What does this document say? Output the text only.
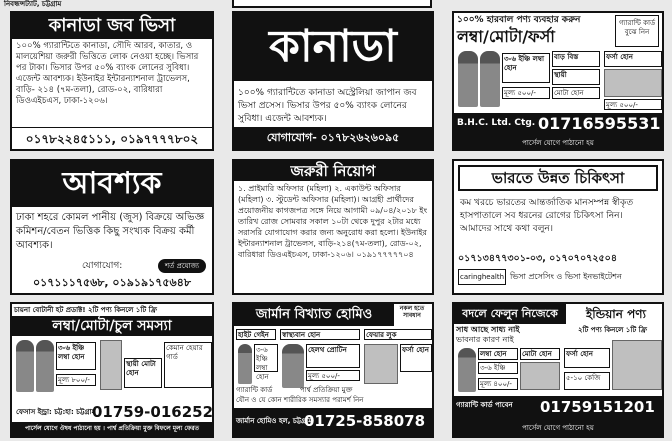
নিবন্ধন্সট্যাট, চট্টগ্রাম
কানাডা জব ভিসা
১০০% গ্যারান্টিতে কানাডা, সৌদি আরব, কাতার, ও মালয়েশিয়া জরুরী ভিত্তিতে লোক নেওয়া হচ্ছে। ভিসার পর টাকা। ভিসার উপর ৫০% ব্যাংক লোনের সুবিধা। এজেন্ট আবশ্যক। ইউনাইর ইন্টারন্যাশনাল ট্রাভেলস, বাড়ি- ২১৪ (৭ম-তলা), রোড-০২, বারিধারা ডিওএইচএস, ঢাকা-১২০৬।
০১৭৮২২৪৫১১১, ০১৯৭৭৭৭৮০২
কানাডা
১০০% গ্যারান্টিতে কানাডা অস্ট্রেলিয়া জাপান জব ভিসা প্রসেস। ভিসার উপর ৫০% ব্যাংক লোনের সুবিধা। এজেন্ট আবশ্যক।
যোগাযোগ- ০১৭৮২৬২৬০৯৫
১০০% হারবাল পণ্য ব্যবহার করুন
লম্বা/মোটা/ফর্সা
গ্যারান্টি কার্ড বুঝে নিন
৩-৬ ইঞ্চি লম্বা হোন
বাড় বিস্ত
স্থায়ী
ফর্সা হোন
মোটা হোন
মূল্য ৫০০/-
মূল্য ৫০০/-
B.H.C. Ltd. Ctg. 01716595531
পার্সেল যোগে পাঠানো হয়
আবশ্যক
ঢাকা শহরে কোমল পানীয় (জুস) বিক্রয়ে অভিজ্ঞ কমিশন/বেতন ভিত্তিক কিছু সংখ্যক বিক্রয় কর্মী আবশ্যক।
যোগাযোগ:	শর্ত প্রযোজ্য
০১৭১১১৭৫৬৮, ০১৯১৯১৭৫৬৪৮
জরুরী নিয়োগ
১. প্রাইমারি অফিসার (মহিলা) ২. একাউন্ট অফিসার (মহিলা) ৩. স্টুডেন্ট অফিসার (মহিলা)। আগ্রহী প্রার্থীদের প্রয়োজনীয় কাগজপত্র সঙ্গে নিয়ে আগামী ০৯/০৪/২০১৮ ইং তারিখ রোজ সোমবার সকাল ১০টা থেকে দুপুর ২টার মধ্যে সরাসরি যোগাযোগ করার জন্য অনুরোধ করা হলো। ইউনাইর ইন্টারন্যাশনাল ট্রাভেলস, বাড়ি-২১৪(৭ম-তলা), রোড-০২, বারিধারা ডিওএইচএস, ঢাকা-১২০৬। ০১৯১৭৭৭৭৭০৪
ভারতে উন্নত চিকিৎসা
কম খরচে ভারতের আন্তর্জাতিক মানসম্পন্ন স্বীকৃত হাসপাতালে সব ধরনের রোগের চিকিৎসা নিন। আমাদের সাথে কথা বলুন।
০১৭১৩৪৭৭৩০১-০৩, ০১৭০৭০৭২৫০৪
caringhealth ভিসা প্রসেসিং ও ভিসা ইনভাইটেশন
চায়না বোটানী হট প্রডাক্ট! ২টি পণ্য কিনলে ১টি ফ্রি
লম্বা/মোটা/চুল সমস্যা
৩-৬ ইঞ্চি লম্বা হোন
মূল্য ৮০০/-
স্থায়ী মোটা হোন
কেমান হেয়ার গার্ড
ফেসাস ইন্ড্রা: চট্ট:হা: চট্টগ্রাম
01759-016252
পার্সেল যোগে ঔষধ পাঠানো হয় । পার্শ্ব প্রতিক্রিয়া মুক্ত বিফলে মূল্য ফেরত
জার্মান বিখ্যাত হোমিও	নকল হতে সাবধান
হাইট গেইন	স্বাস্থ্যবান হোন	ফেয়ার লুক
৩-৬ ইঞ্চি লম্বা হোন
হেলথ প্রোটিন	ফর্সা হোন
মূল্য ৫০০/-
গ্যারান্টি কার্ড	পার্শ্ব প্রতিক্রিয়া মুক্ত
যৌন ও যে কোন শারীরিক সমস্যার পরামর্শ নিন
জার্মান হোমিও হল, চট্টগ্রাম
01725-858078
বদলে ফেলুন নিজেকে	ইন্ডিয়ান পণ্য
সাধ আছে সাধ্য নাই	২টি পণ্য কিনলে ১টি ফ্রি
ভাবনার কারণ নাই
লম্বা হোন	মোটা হোন
৩-৬ ইঞ্চি
ফর্সা হোন
মূল্য ৪০০/-
৫-১০ কেজি
গ্যারান্টি কার্ড পাবেন	01759151201
পার্সেল যোগে পাঠানো হয়
